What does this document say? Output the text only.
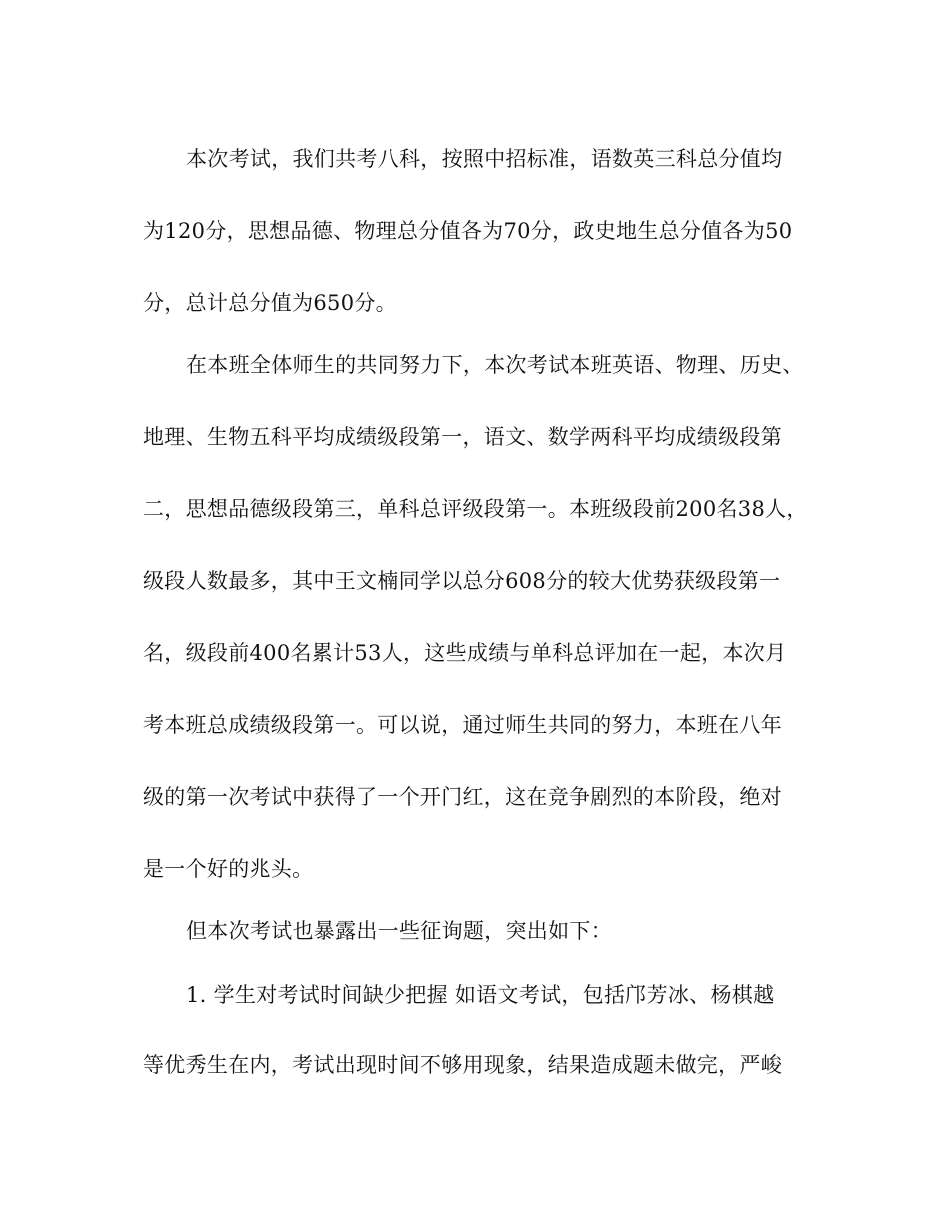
本次考试，我们共考八科，按照中招标准，语数英三科总分值均
为120分，思想品德、物理总分值各为70分，政史地生总分值各为50
分，总计总分值为650分。
在本班全体师生的共同努力下，本次考试本班英语、物理、历史、
地理、生物五科平均成绩级段第一，语文、数学两科平均成绩级段第
二，思想品德级段第三，单科总评级段第一。本班级段前200名38人，
级段人数最多，其中王文楠同学以总分608分的较大优势获级段第一
名，级段前400名累计53人，这些成绩与单科总评加在一起，本次月
考本班总成绩级段第一。可以说，通过师生共同的努力，本班在八年
级的第一次考试中获得了一个开门红，这在竞争剧烈的本阶段，绝对
是一个好的兆头。
但本次考试也暴露出一些征询题，突出如下：
1. 学生对考试时间缺少把握 如语文考试，包括邝芳冰、杨棋越
等优秀生在内，考试出现时间不够用现象，结果造成题未做完，严峻
